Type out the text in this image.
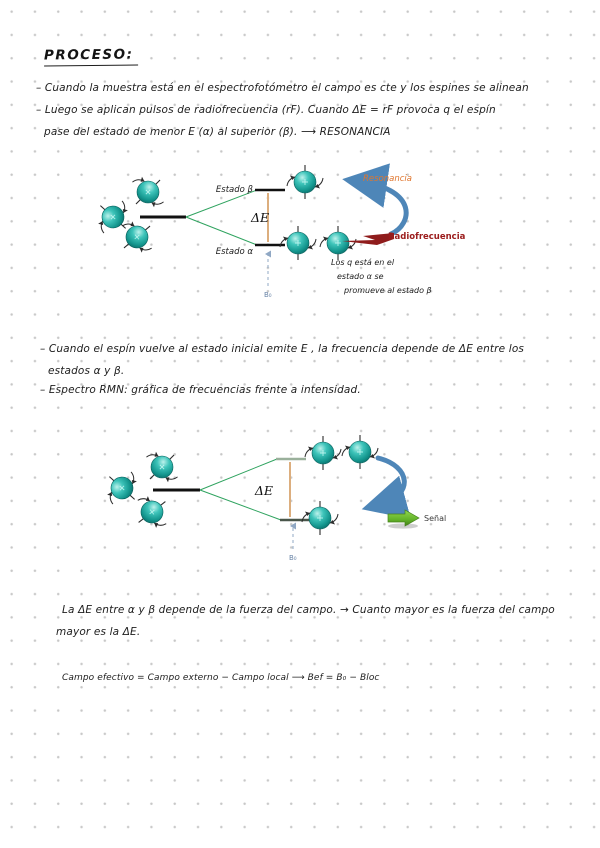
PROCESO:
– Cuando la muestra está en el espectrofotómetro el campo es cte y los espines se alinean
– Luego se aplican pulsos de radiofrecuencia (rF). Cuando ΔE = rF provoca q el espín
pase del estado de menor E (α) al superior (β). ⟶ RESONANCIA
Estado β
Estado α
ΔE
B₀
Resonancia
Radiofrecuencia
Los q está en el
estado α se
promueve al estado β
– Cuando el espín vuelve al estado inicial emite E , la frecuencia depende de ΔE entre los
estados α y β.
– Espectro RMN: gráfica de frecuencias frente a intensidad.
ΔE
B₀
Señal
La ΔE entre α y β depende de la fuerza del campo. → Cuanto mayor es la fuerza del campo
mayor es la ΔE.
Campo efectivo = Campo externo − Campo local ⟶ Bef = B₀ − Bloc
